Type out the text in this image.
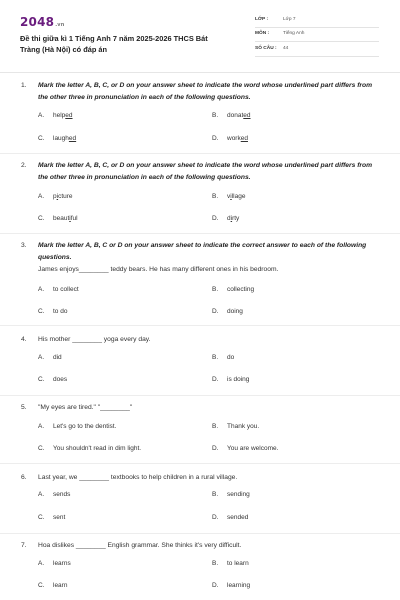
2048.vn
Đề thi giữa kì 1 Tiếng Anh 7 năm 2025-2026 THCS Bát Tràng (Hà Nội) có đáp án
LỚP :	Lớp 7
MÔN :	Tiếng Anh
SỐ CÂU : 44
1. Mark the letter A, B, C, or D on your answer sheet to indicate the word whose underlined part differs from the other three in pronunciation in each of the following questions.
A. helped	B. donated
C. laughed	D. worked
2. Mark the letter A, B, C, or D on your answer sheet to indicate the word whose underlined part differs from the other three in pronunciation in each of the following questions.
A. picture	B. village
C. beautiful	D. dirty
3. Mark the letter A, B, C or D on your answer sheet to indicate the correct answer to each of the following questions.
James enjoys________ teddy bears. He has many different ones in his bedroom.
A. to collect	B. collecting
C. to do	D. doing
4. His mother ________ yoga every day.
A. did	B. do
C. does	D. is doing
5. "My eyes are tired." "________"
A. Let's go to the dentist.	B. Thank you.
C. You shouldn't read in dim light.	D. You are welcome.
6. Last year, we ________ textbooks to help children in a rural village.
A. sends	B. sending
C. sent	D. sended
7. Hoa dislikes ________ English grammar. She thinks it's very difficult.
A. learns	B. to learn
C. learn	D. learning
